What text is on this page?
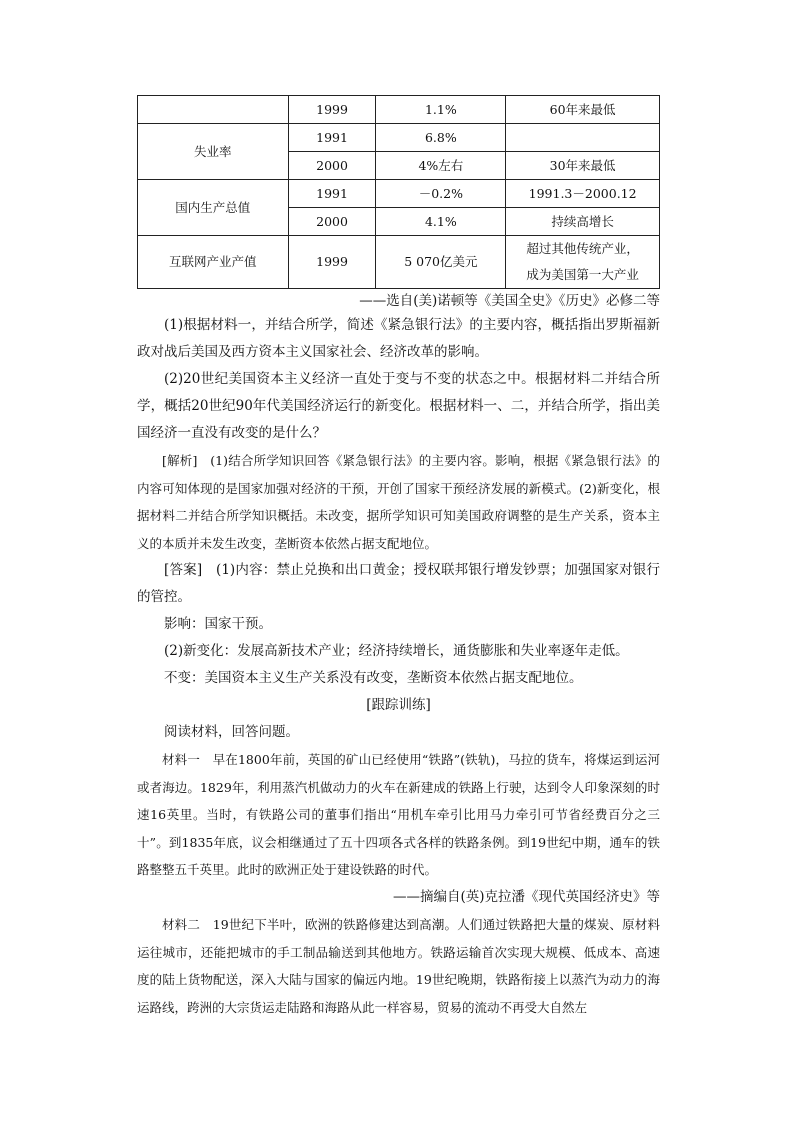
	1999	1.1%	60年来最低
失业率	1991	6.8%	
	2000	4%左右	30年来最低
国内生产总值	1991	－0.2%	1991.3－2000.12
	2000	4.1%	持续高增长
互联网产业产值	1999	5 070亿美元	超过其他传统产业，
成为美国第一大产业
——选自(美)诺顿等《美国全史》《历史》必修二等

(1)根据材料一，并结合所学，简述《紧急银行法》的主要内容，概括指出罗斯福新政对战后美国及西方资本主义国家社会、经济改革的影响。

(2)20世纪美国资本主义经济一直处于变与不变的状态之中。根据材料二并结合所学，概括20世纪90年代美国经济运行的新变化。根据材料一、二，并结合所学，指出美国经济一直没有改变的是什么？

[解析]　(1)结合所学知识回答《紧急银行法》的主要内容。影响，根据《紧急银行法》的内容可知体现的是国家加强对经济的干预，开创了国家干预经济发展的新模式。(2)新变化，根据材料二并结合所学知识概括。未改变，据所学知识可知美国政府调整的是生产关系，资本主义的本质并未发生改变，垄断资本依然占据支配地位。

[答案]　(1)内容：禁止兑换和出口黄金；授权联邦银行增发钞票；加强国家对银行的管控。

影响：国家干预。

(2)新变化：发展高新技术产业；经济持续增长，通货膨胀和失业率逐年走低。

不变：美国资本主义生产关系没有改变，垄断资本依然占据支配地位。

[跟踪训练]

阅读材料，回答问题。

材料一　早在1800年前，英国的矿山已经使用“铁路”(铁轨)，马拉的货车，将煤运到运河或者海边。1829年，利用蒸汽机做动力的火车在新建成的铁路上行驶，达到令人印象深刻的时速16英里。当时，有铁路公司的董事们指出“用机车牵引比用马力牵引可节省经费百分之三十”。到1835年底，议会相继通过了五十四项各式各样的铁路条例。到19世纪中期，通车的铁路整整五千英里。此时的欧洲正处于建设铁路的时代。

——摘编自(英)克拉潘《现代英国经济史》等

材料二　19世纪下半叶，欧洲的铁路修建达到高潮。人们通过铁路把大量的煤炭、原材料运往城市，还能把城市的手工制品输送到其他地方。铁路运输首次实现大规模、低成本、高速度的陆上货物配送，深入大陆与国家的偏远内地。19世纪晚期，铁路衔接上以蒸汽为动力的海运路线，跨洲的大宗货运走陆路和海路从此一样容易，贸易的流动不再受大自然左
